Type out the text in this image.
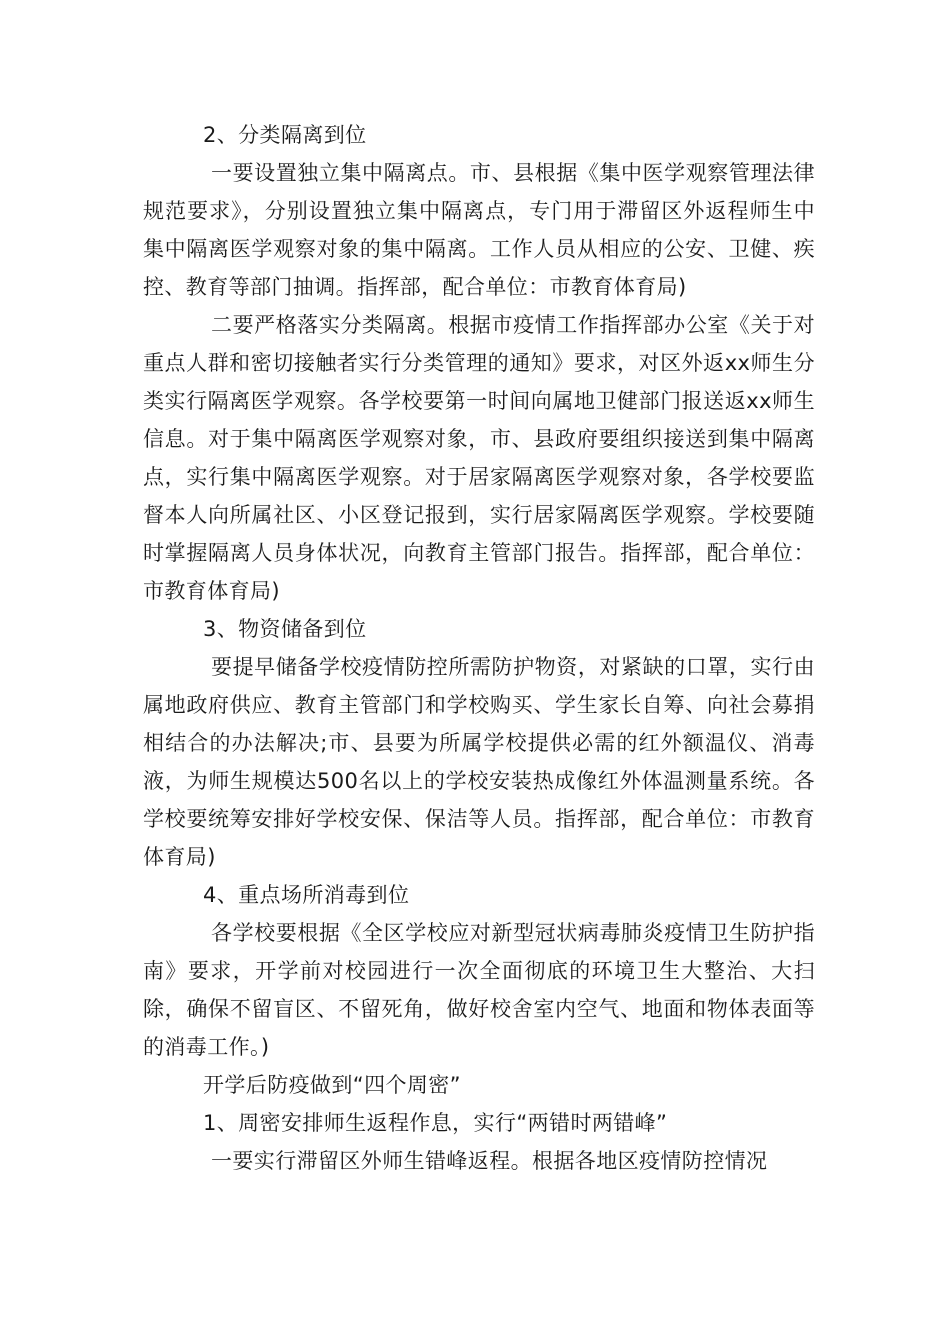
2、分类隔离到位

一要设置独立集中隔离点。市、县根据《集中医学观察管理法律规范要求》，分别设置独立集中隔离点，专门用于滞留区外返程师生中集中隔离医学观察对象的集中隔离。工作人员从相应的公安、卫健、疾控、教育等部门抽调。指挥部，配合单位：市教育体育局)

二要严格落实分类隔离。根据市疫情工作指挥部办公室《关于对重点人群和密切接触者实行分类管理的通知》要求，对区外返xx师生分类实行隔离医学观察。各学校要第一时间向属地卫健部门报送返xx师生信息。对于集中隔离医学观察对象，市、县政府要组织接送到集中隔离点，实行集中隔离医学观察。对于居家隔离医学观察对象，各学校要监督本人向所属社区、小区登记报到，实行居家隔离医学观察。学校要随时掌握隔离人员身体状况，向教育主管部门报告。指挥部，配合单位：市教育体育局)

3、物资储备到位

要提早储备学校疫情防控所需防护物资，对紧缺的口罩，实行由属地政府供应、教育主管部门和学校购买、学生家长自筹、向社会募捐相结合的办法解决;市、县要为所属学校提供必需的红外额温仪、消毒液，为师生规模达500名以上的学校安装热成像红外体温测量系统。各学校要统筹安排好学校安保、保洁等人员。指挥部，配合单位：市教育体育局)

4、重点场所消毒到位

各学校要根据《全区学校应对新型冠状病毒肺炎疫情卫生防护指南》要求，开学前对校园进行一次全面彻底的环境卫生大整治、大扫除，确保不留盲区、不留死角，做好校舍室内空气、地面和物体表面等的消毒工作。)

开学后防疫做到“四个周密”

1、周密安排师生返程作息，实行“两错时两错峰”

一要实行滞留区外师生错峰返程。根据各地区疫情防控情况
